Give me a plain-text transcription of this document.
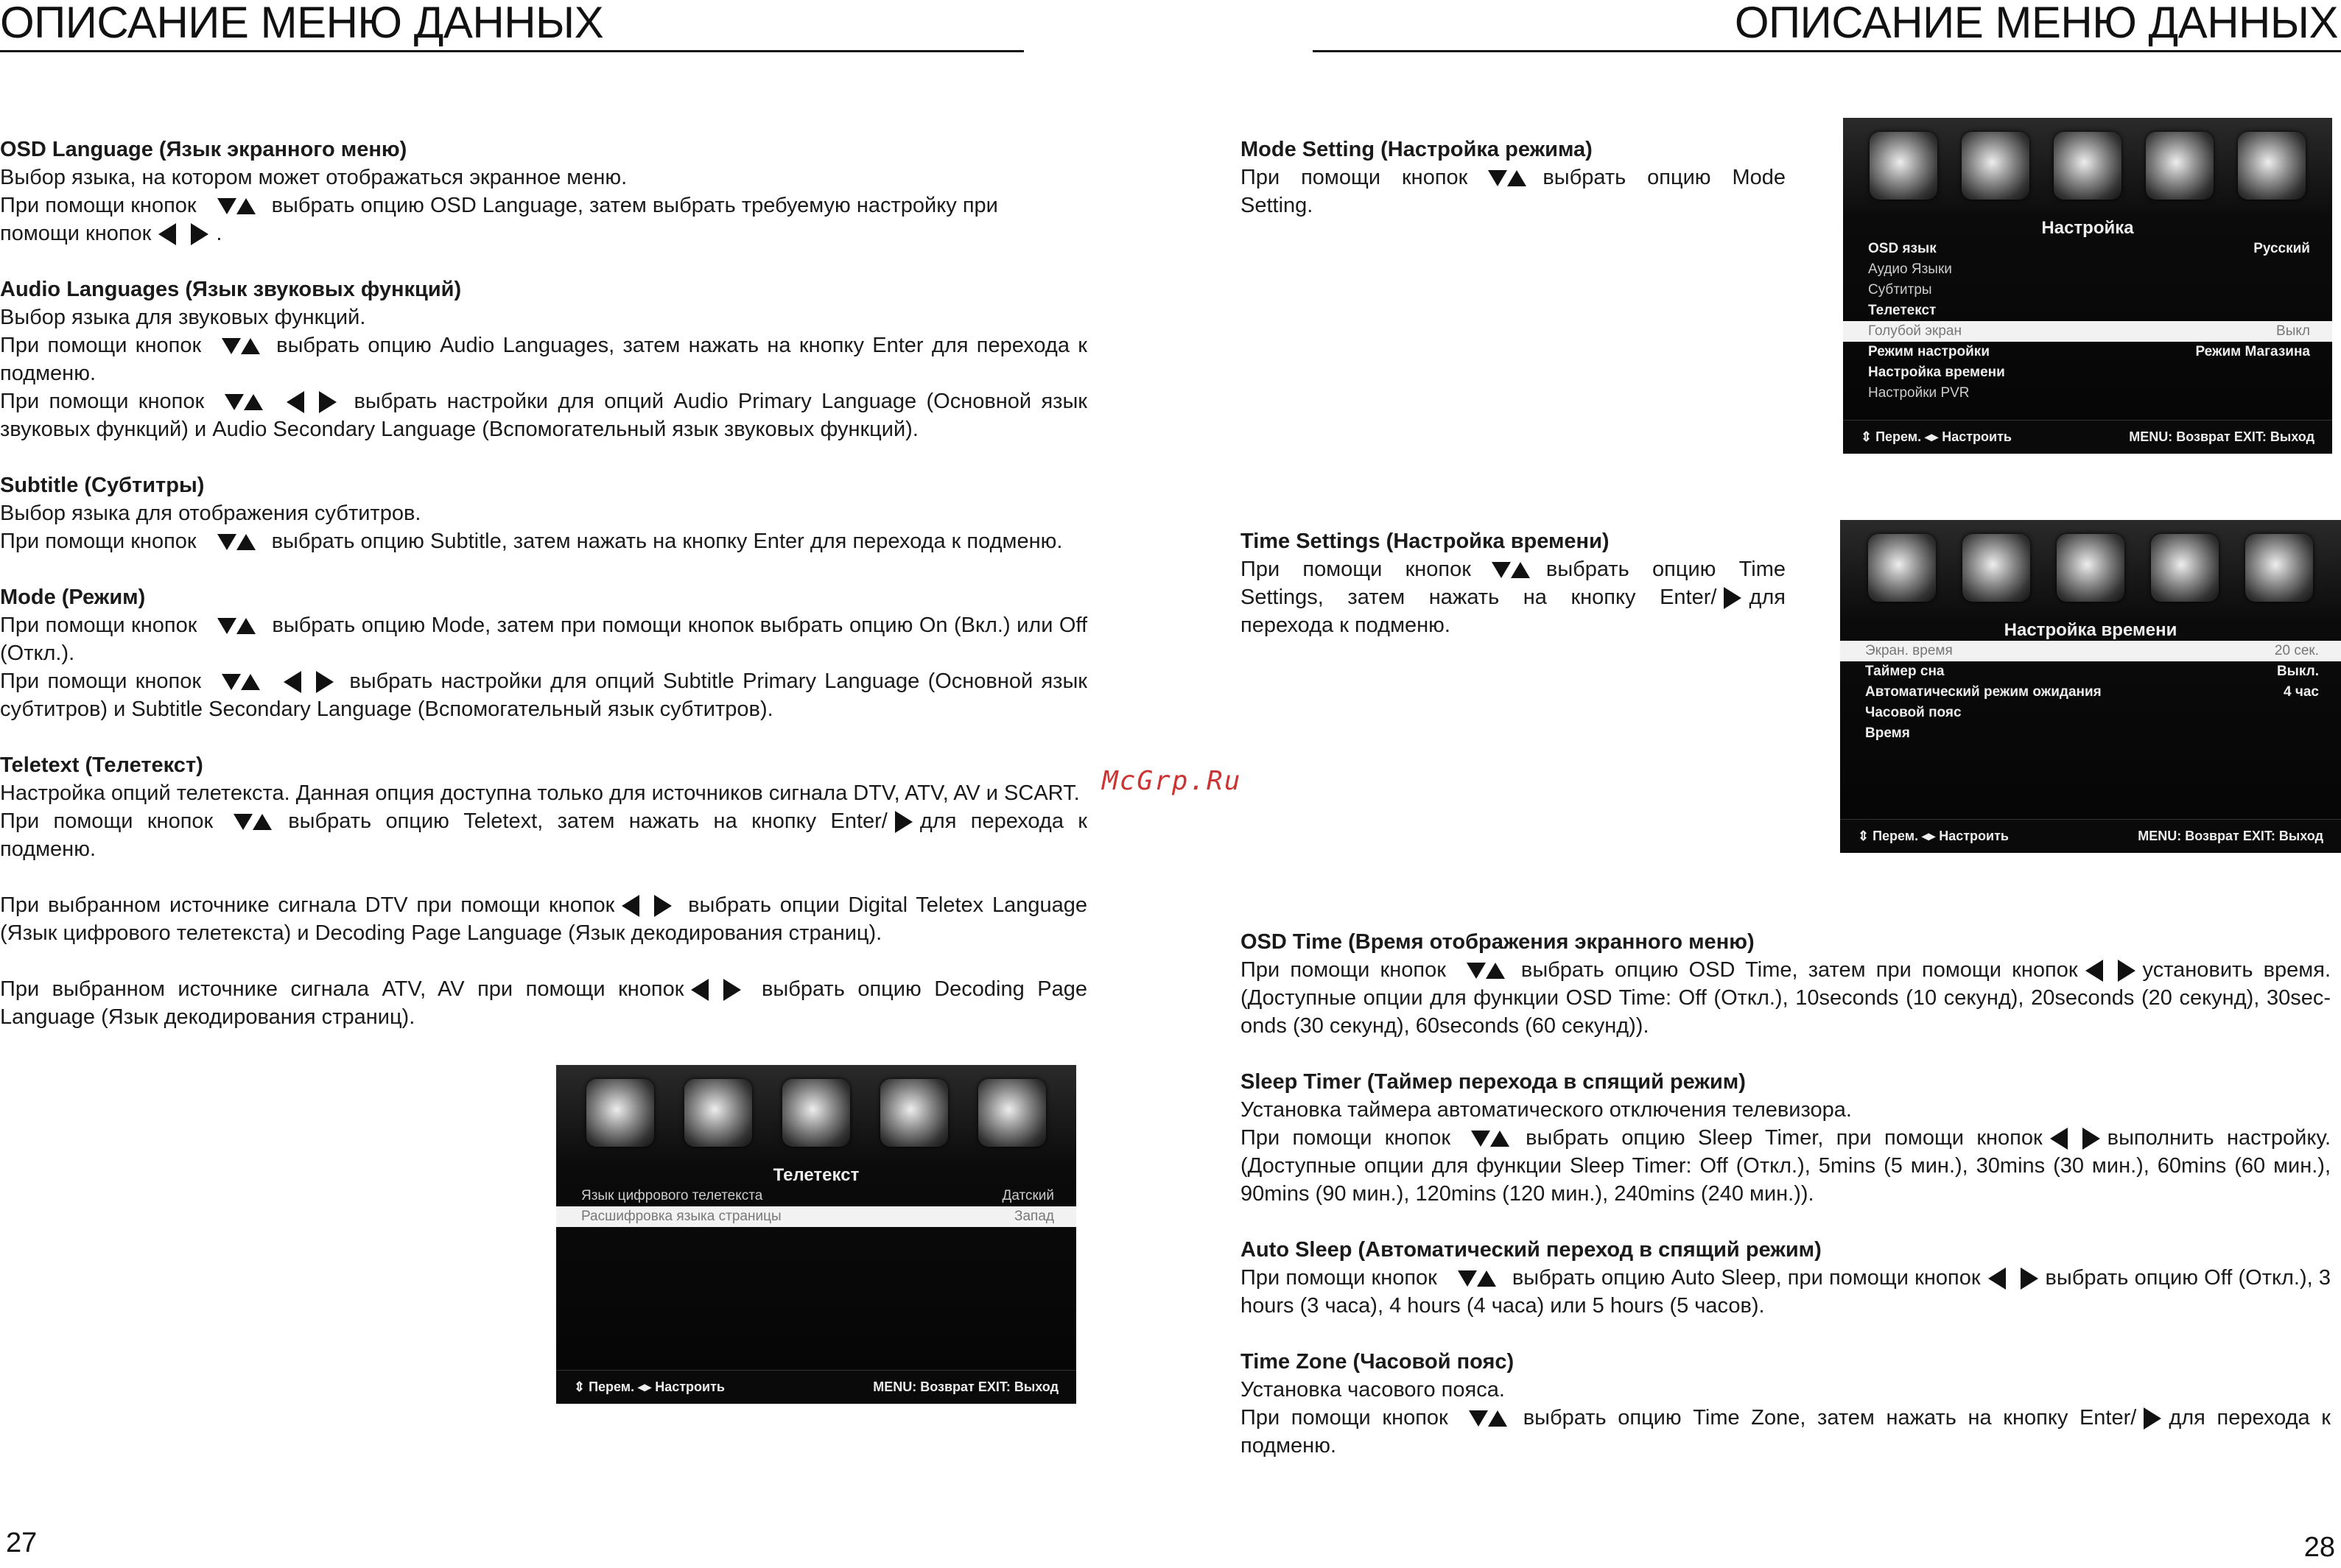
ОПИСАНИЕ МЕНЮ ДАННЫХ	ОПИСАНИЕ МЕНЮ ДАННЫХ

OSD Language (Язык экранного меню)

Выбор языка, на котором может отображаться экранное меню.

При помощи кнопок	выбрать опцию OSD Language, затем выбрать требуемую настройку при

помощи кнопок	.

Audio Languages (Язык звуковых функций)

Выбор языка для звуковых функций.

При помощи кнопок	выбрать опцию Audio Languages, затем нажать на кнопку Enter для перехода к подменю.

При помощи кнопок	выбрать настройки для опций Audio Primary Language (Основной язык звуковых функций) и Audio Secondary Language (Вспомогательный язык звуковых функций).

Subtitle (Субтитры)

Выбор языка для отображения субтитров.

При помощи кнопок	выбрать опцию Subtitle, затем нажать на кнопку Enter для перехода к подменю.

Mode (Режим)

При помощи кнопок	выбрать опцию Mode, затем при помощи кнопок выбрать опцию On (Вкл.) или Off (Откл.).

При помощи кнопок	выбрать настройки для опций Subtitle Primary Language (Основной язык субтитров) и Subtitle Secondary Language (Вспомогательный язык субтитров).

Teletext (Телетекст)

Настройка опций телетекста. Данная опция доступна только для источников сигнала DTV, ATV, AV и SCART.

При помощи кнопок	выбрать опцию Teletext, затем нажать на кнопку Enter/ для перехода к подменю.

При выбранном источнике сигнала DTV при помощи кнопок	выбрать опции Digital Teletex Language (Язык цифрового телетекста) и Decoding Page Language (Язык декодирования страниц).

При выбранном источнике сигнала ATV, AV при помощи кнопок	выбрать опцию Decoding Page Language (Язык декодирования страниц).

McGrp.Ru
Телетекст
Язык цифрового телетекста	Датский
Расшифровка языка страницы	Запад
⇕ Перем. ◂▸ Настроить	MENU: Возврат EXIT: Выход

Mode Setting (Настройка режима)

При помощи кнопок	выбрать опцию Mode Setting.

Time Settings (Настройка времени)

При помощи кнопок	выбрать опцию Time Settings, затем нажать на кнопку Enter/ для перехода к подменю.

Настройка
OSD язык	Русский
Аудио Языки
Субтитры
Телетекст
Голубой экран	Выкл
Режим настройки	Режим Магазина
Настройка времени
Настройки PVR
⇕ Перем. ◂▸ Настроить	MENU: Возврат EXIT: Выход
Настройка времени
Экран. время	20 сек.
Таймер сна	Выкл.
Автоматический режим ожидания	4 час
Часовой пояс
Время
⇕ Перем. ◂▸ Настроить	MENU: Возврат EXIT: Выход

OSD Time (Время отображения экранного меню)

При помощи кнопок	выбрать опцию OSD Time, затем при помощи кнопок	установить время. (Доступные опции для функции OSD Time: Off (Откл.), 10seconds (10 секунд), 20seconds (20 секунд), 30sec-onds (30 секунд), 60seconds (60 секунд)).

Sleep Timer (Таймер перехода в спящий режим)

Установка таймера автоматического отключения телевизора.

При помощи кнопок	выбрать опцию Sleep Timer, при помощи кнопок	выполнить настройку. (Доступные опции для функции Sleep Timer: Off (Откл.), 5mins (5 мин.), 30mins (30 мин.), 60mins (60 мин.), 90mins (90 мин.), 120mins (120 мин.), 240mins (240 мин.)).

Auto Sleep (Автоматический переход в спящий режим)

При помощи кнопок	выбрать опцию Auto Sleep, при помощи кнопок	выбрать опцию Off (Откл.), 3 hours (3 часа), 4 hours (4 часа) или 5 hours (5 часов).

Time Zone (Часовой пояс)

Установка часового пояса.

При помощи кнопок	выбрать опцию Time Zone, затем нажать на кнопку Enter/ для перехода к подменю.

27	28
